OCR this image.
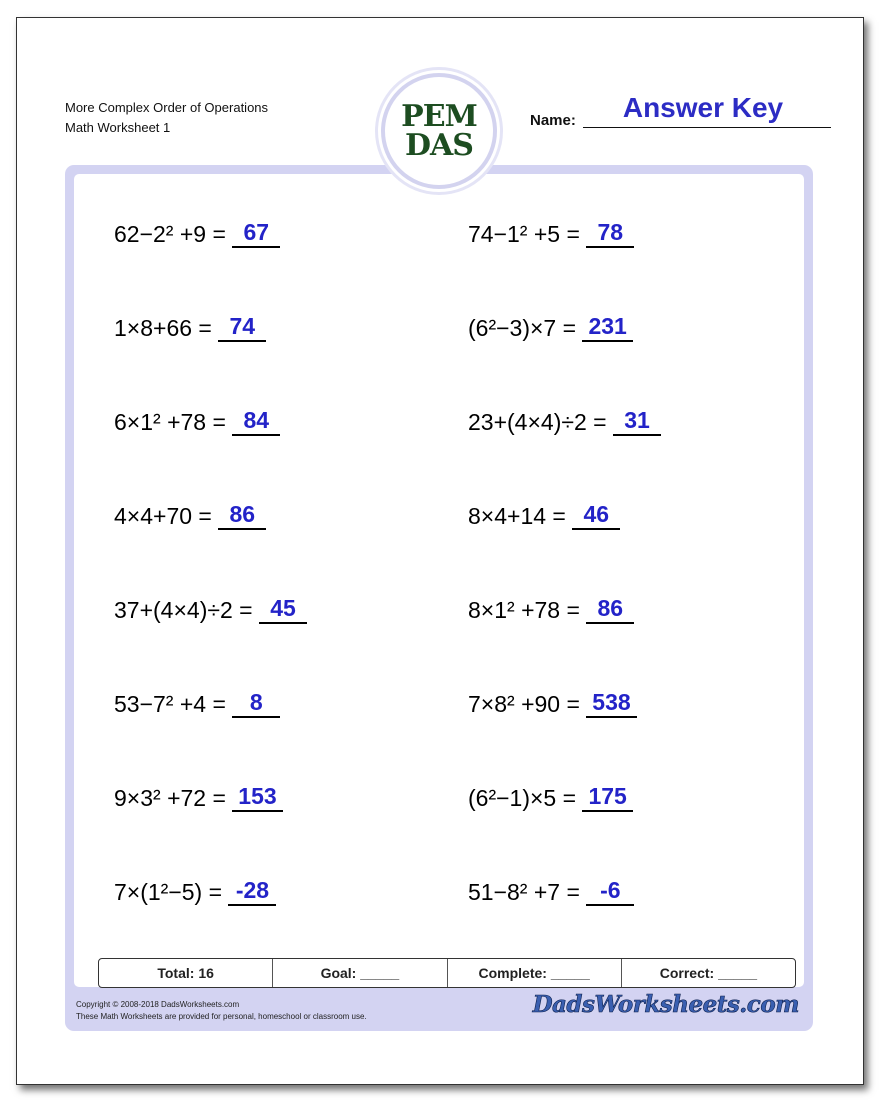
More Complex Order of Operations
Math Worksheet 1	PEM
DAS
Name:	Answer Key
62−2² +9 = 67	74−1² +5 = 78
1×8+66 = 74	(6²−3)×7 = 231
6×1² +78 = 84	23+(4×4)÷2 = 31
4×4+70 = 86	8×4+14 = 46
37+(4×4)÷2 = 45	8×1² +78 = 86
53−7² +4 = 8	7×8² +90 = 538
9×3² +72 = 153	(6²−1)×5 = 175
7×(1²−5) = -28	51−8² +7 = -6
Total: 16	Goal: _____	Complete: _____	Correct: _____
Copyright © 2008-2018 DadsWorksheets.com
These Math Worksheets are provided for personal, homeschool or classroom use.	DadsWorksheets.com
